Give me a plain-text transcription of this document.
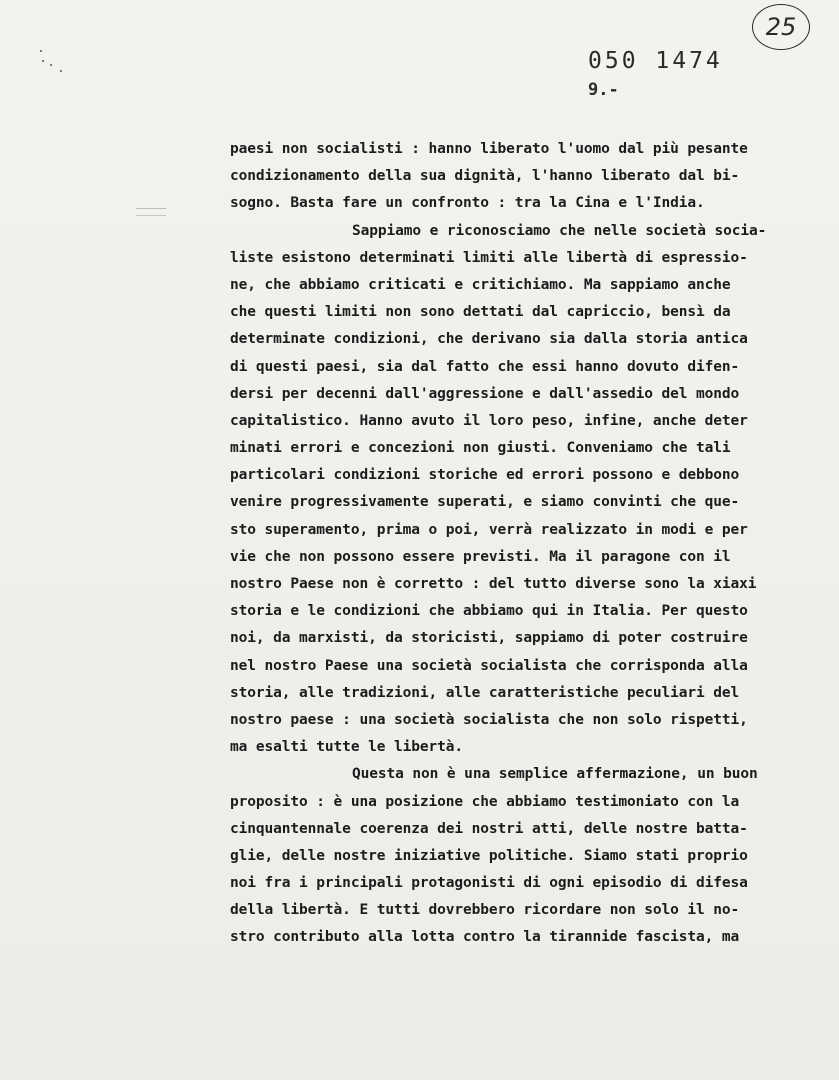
25
050 1474
9.-
paesi non socialisti : hanno liberato l'uomo dal più pesante
condizionamento della sua dignità, l'hanno liberato dal bi-
sogno. Basta fare un confronto : tra la Cina e l'India.
Sappiamo e riconosciamo che nelle società socia-
liste esistono determinati limiti alle libertà di espressio-
ne, che abbiamo criticati e critichiamo. Ma sappiamo anche
che questi limiti non sono dettati dal capriccio, bensì da
determinate condizioni, che derivano sia dalla storia antica
di questi paesi, sia dal fatto che essi hanno dovuto difen-
dersi per decenni dall'aggressione e dall'assedio del mondo
capitalistico. Hanno avuto il loro peso, infine, anche deter
minati errori e concezioni non giusti. Conveniamo che tali
particolari condizioni storiche ed errori possono e debbono
venire progressivamente superati, e siamo convinti che que-
sto superamento, prima o poi, verrà realizzato in modi e per
vie che non possono essere previsti. Ma il paragone con il
nostro Paese non è corretto : del tutto diverse sono la xiaxi
storia e le condizioni che abbiamo qui in Italia. Per questo
noi, da marxisti, da storicisti, sappiamo di poter costruire
nel nostro Paese una società socialista che corrisponda alla
storia, alle tradizioni, alle caratteristiche peculiari del
nostro paese : una società socialista che non solo rispetti,
ma esalti tutte le libertà.
Questa non è una semplice affermazione, un buon
proposito : è una posizione che abbiamo testimoniato con la
cinquantennale coerenza dei nostri atti, delle nostre batta-
glie, delle nostre iniziative politiche. Siamo stati proprio
noi fra i principali protagonisti di ogni episodio di difesa
della libertà. E tutti dovrebbero ricordare non solo il no-
stro contributo alla lotta contro la tirannide fascista, ma
